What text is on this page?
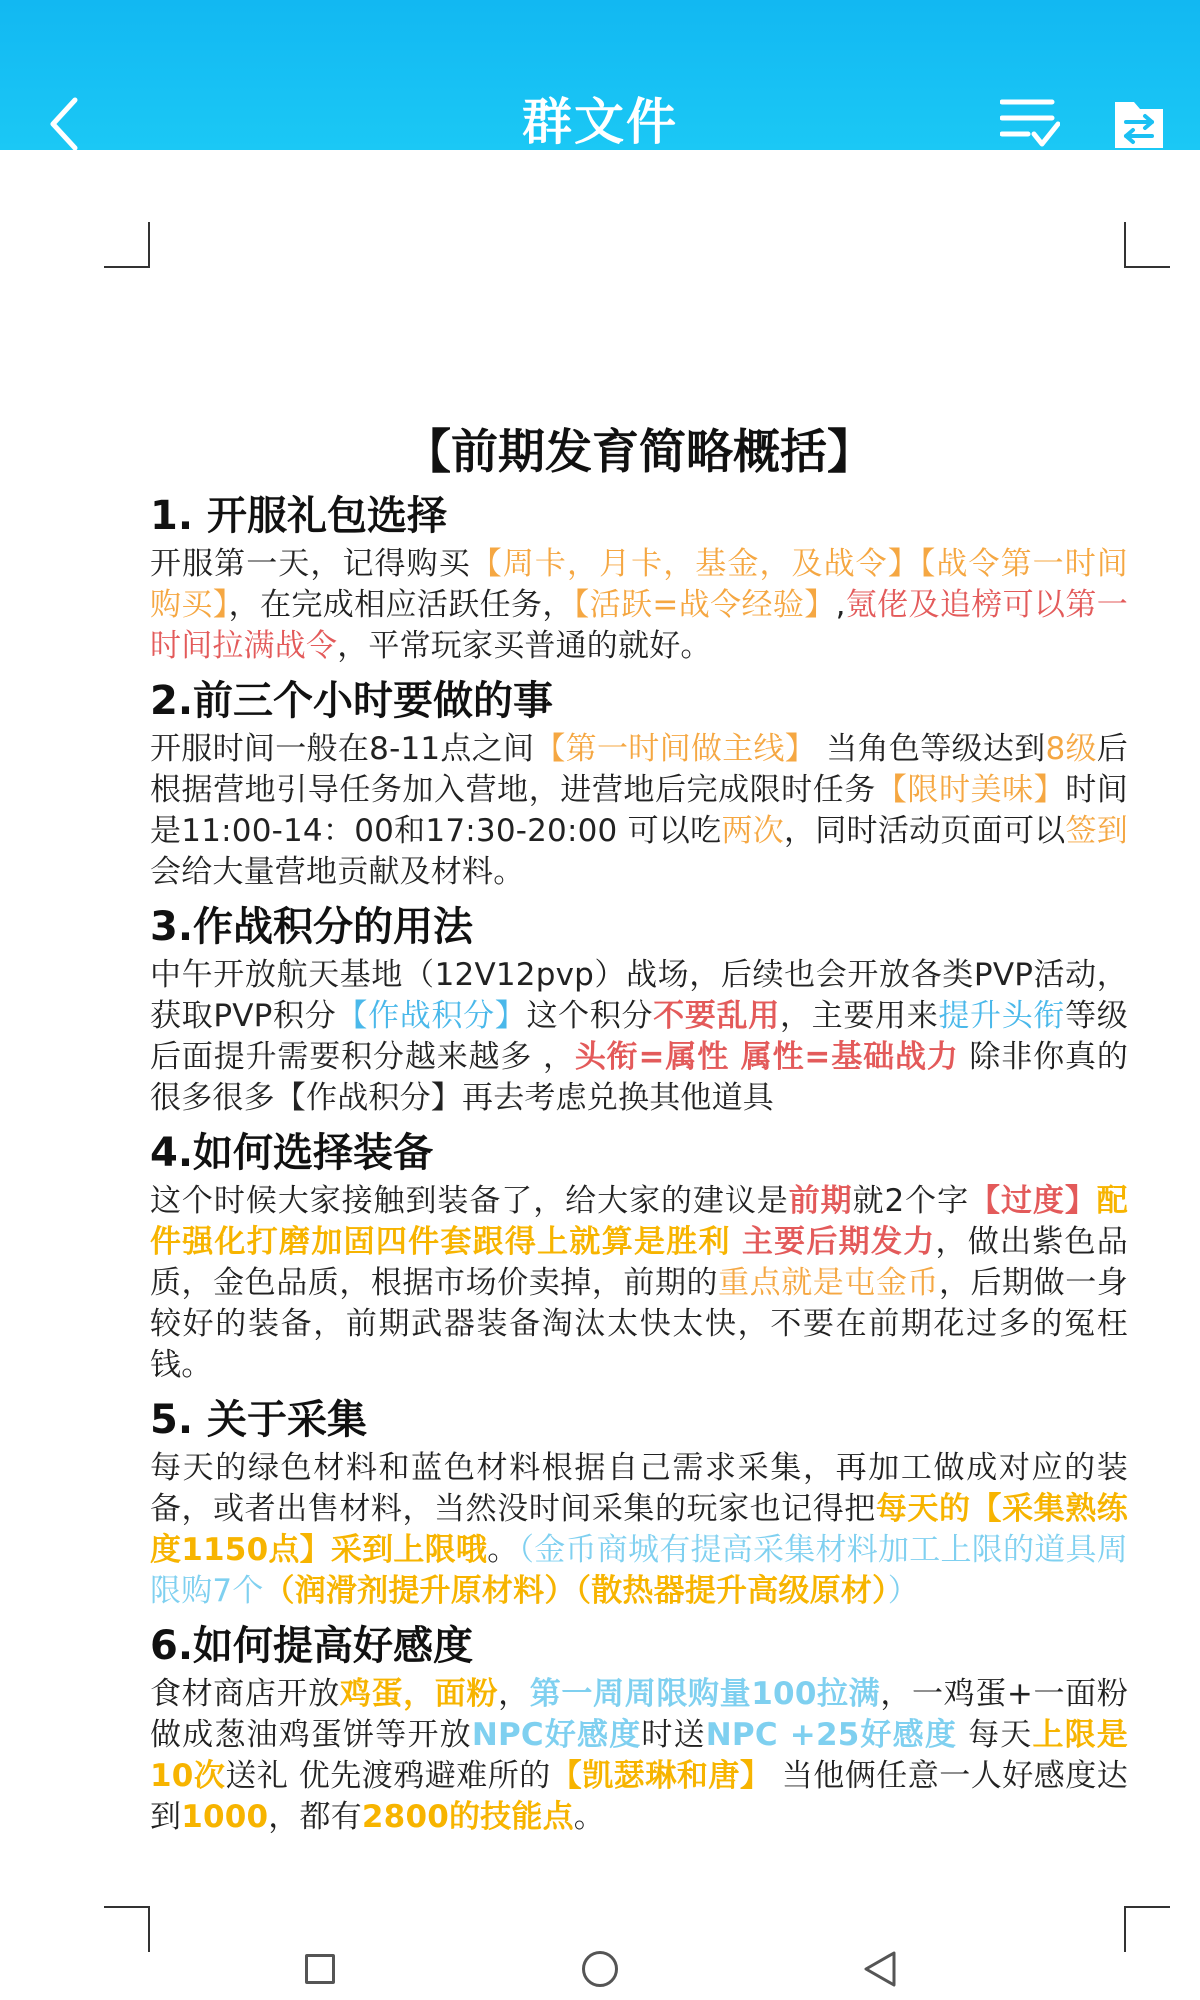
群文件
【前期发育简略概括】
1. 开服礼包选择
开服第一天，记得购买【周卡，月卡，基金，及战令】【战令第一时间购买】，在完成相应活跃任务，【活跃=战令经验】,氪佬及追榜可以第一时间拉满战令，平常玩家买普通的就好。
2.前三个小时要做的事
开服时间一般在8-11点之间【第一时间做主线】 当角色等级达到8级后根据营地引导任务加入营地，进营地后完成限时任务【限时美味】时间是11:00-14：00和17:30-20:00 可以吃两次，同时活动页面可以签到会给大量营地贡献及材料。
3.作战积分的用法
中午开放航天基地（12V12pvp）战场，后续也会开放各类PVP活动，获取PVP积分【作战积分】这个积分不要乱用，主要用来提升头衔等级后面提升需要积分越来越多 ，头衔=属性 属性=基础战力 除非你真的很多很多【作战积分】再去考虑兑换其他道具
4.如何选择装备
这个时候大家接触到装备了，给大家的建议是前期就2个字【过度】配件强化打磨加固四件套跟得上就算是胜利 主要后期发力，做出紫色品质，金色品质，根据市场价卖掉，前期的重点就是屯金币，后期做一身较好的装备，前期武器装备淘汰太快太快，不要在前期花过多的冤枉钱。
5. 关于采集
每天的绿色材料和蓝色材料根据自己需求采集，再加工做成对应的装备，或者出售材料，当然没时间采集的玩家也记得把每天的【采集熟练度1150点】采到上限哦。（金币商城有提高采集材料加工上限的道具周限购7个（润滑剂提升原材料）（散热器提升高级原材））
6.如何提高好感度
食材商店开放鸡蛋，面粉，第一周周限购量100拉满，一鸡蛋+一面粉做成葱油鸡蛋饼等开放NPC好感度时送NPC +25好感度 每天上限是10次送礼 优先渡鸦避难所的【凯瑟琳和唐】 当他俩任意一人好感度达到1000，都有2800的技能点。
